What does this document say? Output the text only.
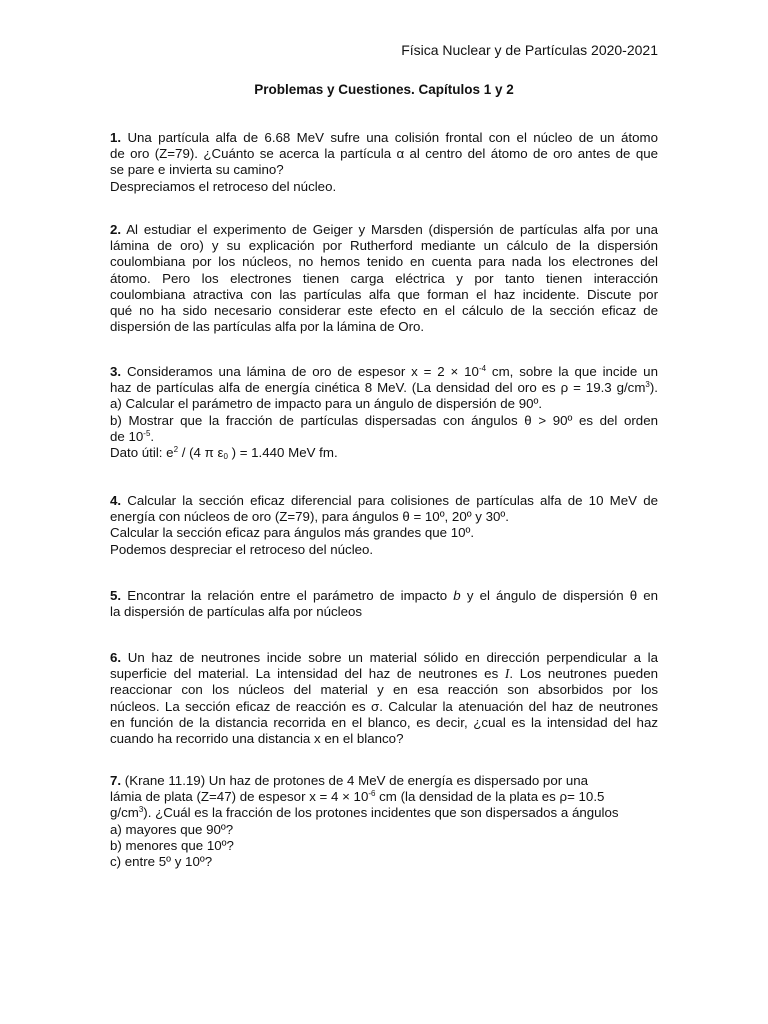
Física Nuclear y de Partículas 2020-2021
Problemas y Cuestiones. Capítulos 1 y 2
1. Una partícula alfa de 6.68 MeV sufre una colisión frontal con el núcleo de un átomo
de oro (Z=79). ¿Cuánto se acerca la partícula α al centro del átomo de oro antes de que
se pare e invierta su camino?
Despreciamos el retroceso del núcleo.
2. Al estudiar el experimento de Geiger y Marsden (dispersión de partículas alfa por una
lámina de oro) y su explicación por Rutherford mediante un cálculo de la dispersión
coulombiana por los núcleos, no hemos tenido en cuenta para nada los electrones del
átomo. Pero los electrones tienen carga eléctrica y por tanto tienen interacción
coulombiana atractiva con las partículas alfa que forman el haz incidente. Discute por
qué no ha sido necesario considerar este efecto en el cálculo de la sección eficaz de
dispersión de las partículas alfa por la lámina de Oro.
3. Consideramos una lámina de oro de espesor $x = 2 \times 10^{-4}$ cm, sobre la que incide un
haz de partículas alfa de energía cinética 8 MeV. (La densidad del oro es ρ = 19.3 $g/cm^3$).
a) Calcular el parámetro de impacto para un ángulo de dispersión de 90º.
b) Mostrar que la fracción de partículas dispersadas con ángulos θ > 90º es del orden
de $10^{-5}$.
Dato útil: $e^2 / (4$ π $\varepsilon_0$ ) = 1.440 MeV fm.
4. Calcular la sección eficaz diferencial para colisiones de partículas alfa de 10 MeV de
energía con núcleos de oro (Z=79), para ángulos θ = 10º, 20º y 30º.
Calcular la sección eficaz para ángulos más grandes que 10º.
Podemos despreciar el retroceso del núcleo.
5. Encontrar la relación entre el parámetro de impacto b y el ángulo de dispersión θ en
la dispersión de partículas alfa por núcleos
6. Un haz de neutrones incide sobre un material sólido en dirección perpendicular a la
superficie del material. La intensidad del haz de neutrones es I. Los neutrones pueden
reaccionar con los núcleos del material y en esa reacción son absorbidos por los
núcleos. La sección eficaz de reacción es σ. Calcular la atenuación del haz de neutrones
en función de la distancia recorrida en el blanco, es decir, ¿cual es la intensidad del haz
cuando ha recorrido una distancia x en el blanco?
7. (Krane 11.19) Un haz de protones de 4 MeV de energía es dispersado por una
lámia de plata (Z=47) de espesor $x = 4 \times 10^{-6}$ cm (la densidad de la plata es ρ= 10.5
$g/cm^3$). ¿Cuál es la fracción de los protones incidentes que son dispersados a ángulos
a) mayores que 90º?
b) menores que 10º?
c) entre 5º y 10º?
